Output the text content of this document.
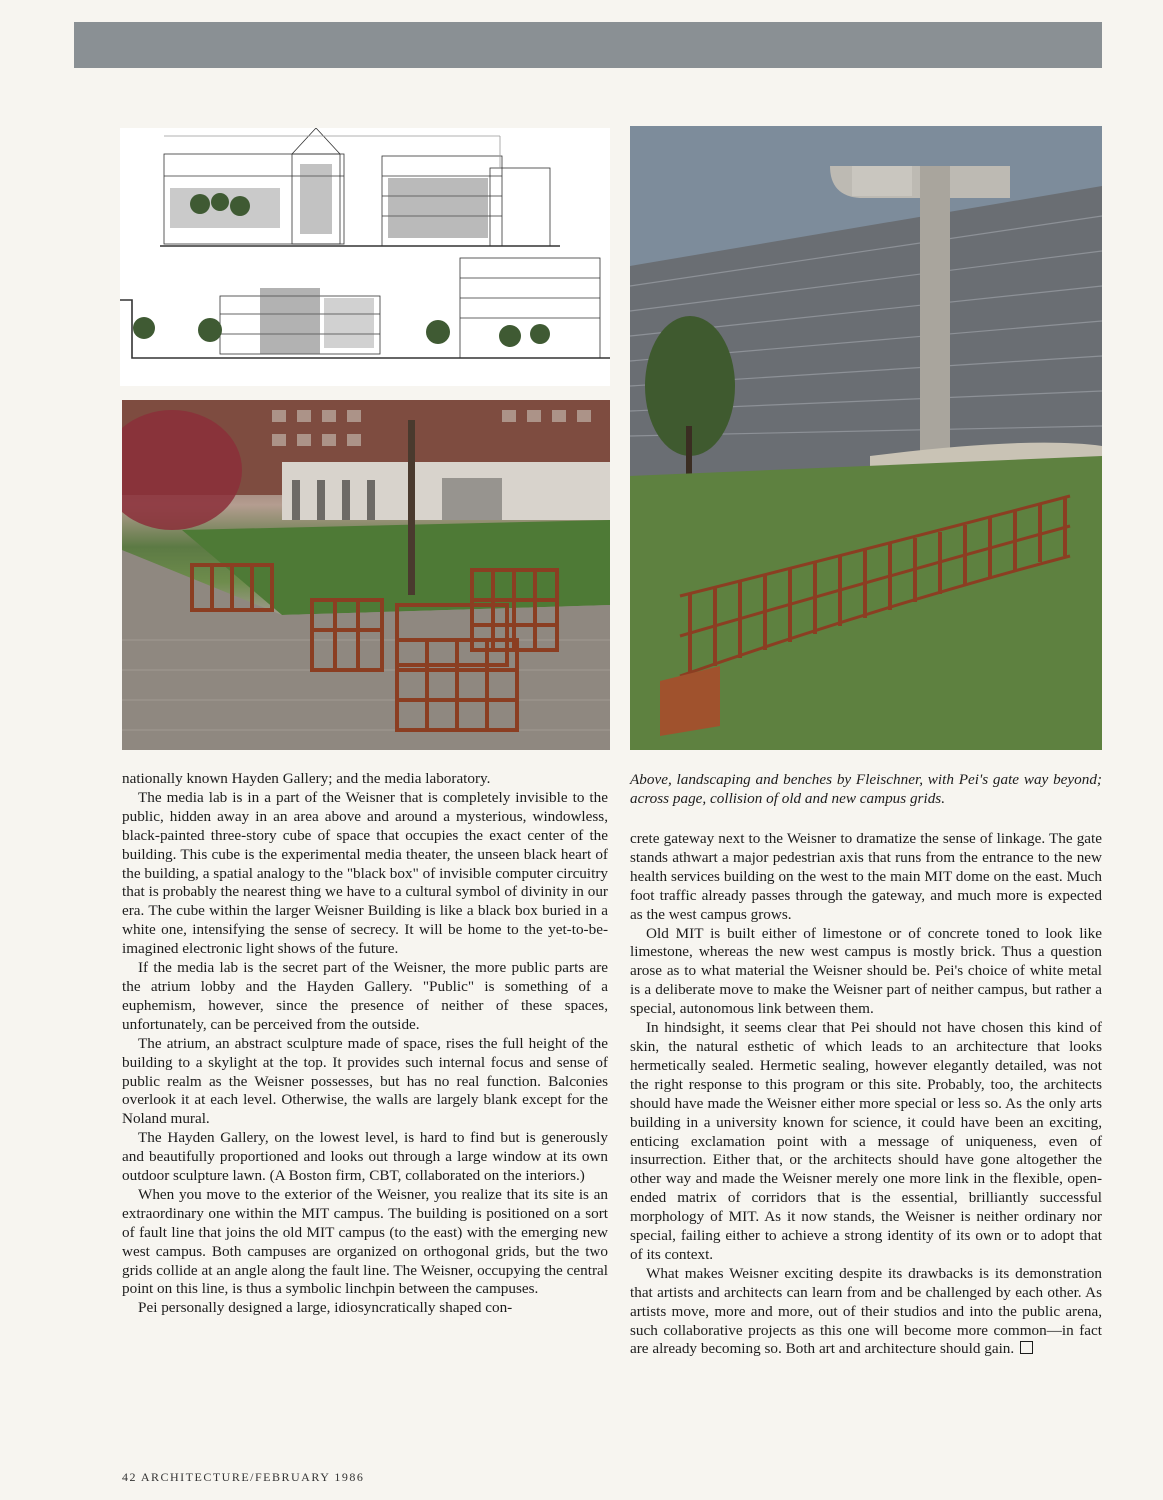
Above, landscaping and benches by Fleischner, with Pei's gate way beyond; across page, collision of old and new campus grids.

nationally known Hayden Gallery; and the media laboratory.

The media lab is in a part of the Weisner that is completely invisible to the public, hidden away in an area above and around a mysterious, windowless, black-painted three-story cube of space that occupies the exact center of the building. This cube is the experimental media theater, the unseen black heart of the building, a spatial analogy to the "black box" of invisible computer circuitry that is probably the nearest thing we have to a cultural symbol of divinity in our era. The cube within the larger Weisner Building is like a black box buried in a white one, intensifying the sense of secrecy. It will be home to the yet-to-be-imagined electronic light shows of the future.

If the media lab is the secret part of the Weisner, the more public parts are the atrium lobby and the Hayden Gallery. "Public" is something of a euphemism, however, since the presence of neither of these spaces, unfortunately, can be perceived from the outside.

The atrium, an abstract sculpture made of space, rises the full height of the building to a skylight at the top. It provides such internal focus and sense of public realm as the Weisner possesses, but has no real function. Balconies overlook it at each level. Otherwise, the walls are largely blank except for the Noland mural.

The Hayden Gallery, on the lowest level, is hard to find but is generously and beautifully proportioned and looks out through a large window at its own outdoor sculpture lawn. (A Boston firm, CBT, collaborated on the interiors.)

When you move to the exterior of the Weisner, you realize that its site is an extraordinary one within the MIT campus. The building is positioned on a sort of fault line that joins the old MIT campus (to the east) with the emerging new west campus. Both campuses are organized on orthogonal grids, but the two grids collide at an angle along the fault line. The Weisner, occupying the central point on this line, is thus a symbolic linchpin between the campuses.

Pei personally designed a large, idiosyncratically shaped con-

crete gateway next to the Weisner to dramatize the sense of linkage. The gate stands athwart a major pedestrian axis that runs from the entrance to the new health services building on the west to the main MIT dome on the east. Much foot traffic already passes through the gateway, and much more is expected as the west campus grows.

Old MIT is built either of limestone or of concrete toned to look like limestone, whereas the new west campus is mostly brick. Thus a question arose as to what material the Weisner should be. Pei's choice of white metal is a deliberate move to make the Weisner part of neither campus, but rather a special, autonomous link between them.

In hindsight, it seems clear that Pei should not have chosen this kind of skin, the natural esthetic of which leads to an architecture that looks hermetically sealed. Hermetic sealing, however elegantly detailed, was not the right response to this program or this site. Probably, too, the architects should have made the Weisner either more special or less so. As the only arts building in a university known for science, it could have been an exciting, enticing exclamation point with a message of uniqueness, even of insurrection. Either that, or the architects should have gone altogether the other way and made the Weisner merely one more link in the flexible, open-ended matrix of corridors that is the essential, brilliantly successful morphology of MIT. As it now stands, the Weisner is neither ordinary nor special, failing either to achieve a strong identity of its own or to adopt that of its context.

What makes Weisner exciting despite its drawbacks is its demonstration that artists and architects can learn from and be challenged by each other. As artists move, more and more, out of their studios and into the public arena, such collaborative projects as this one will become more common—in fact are already becoming so. Both art and architecture should gain.

42 ARCHITECTURE/FEBRUARY 1986
